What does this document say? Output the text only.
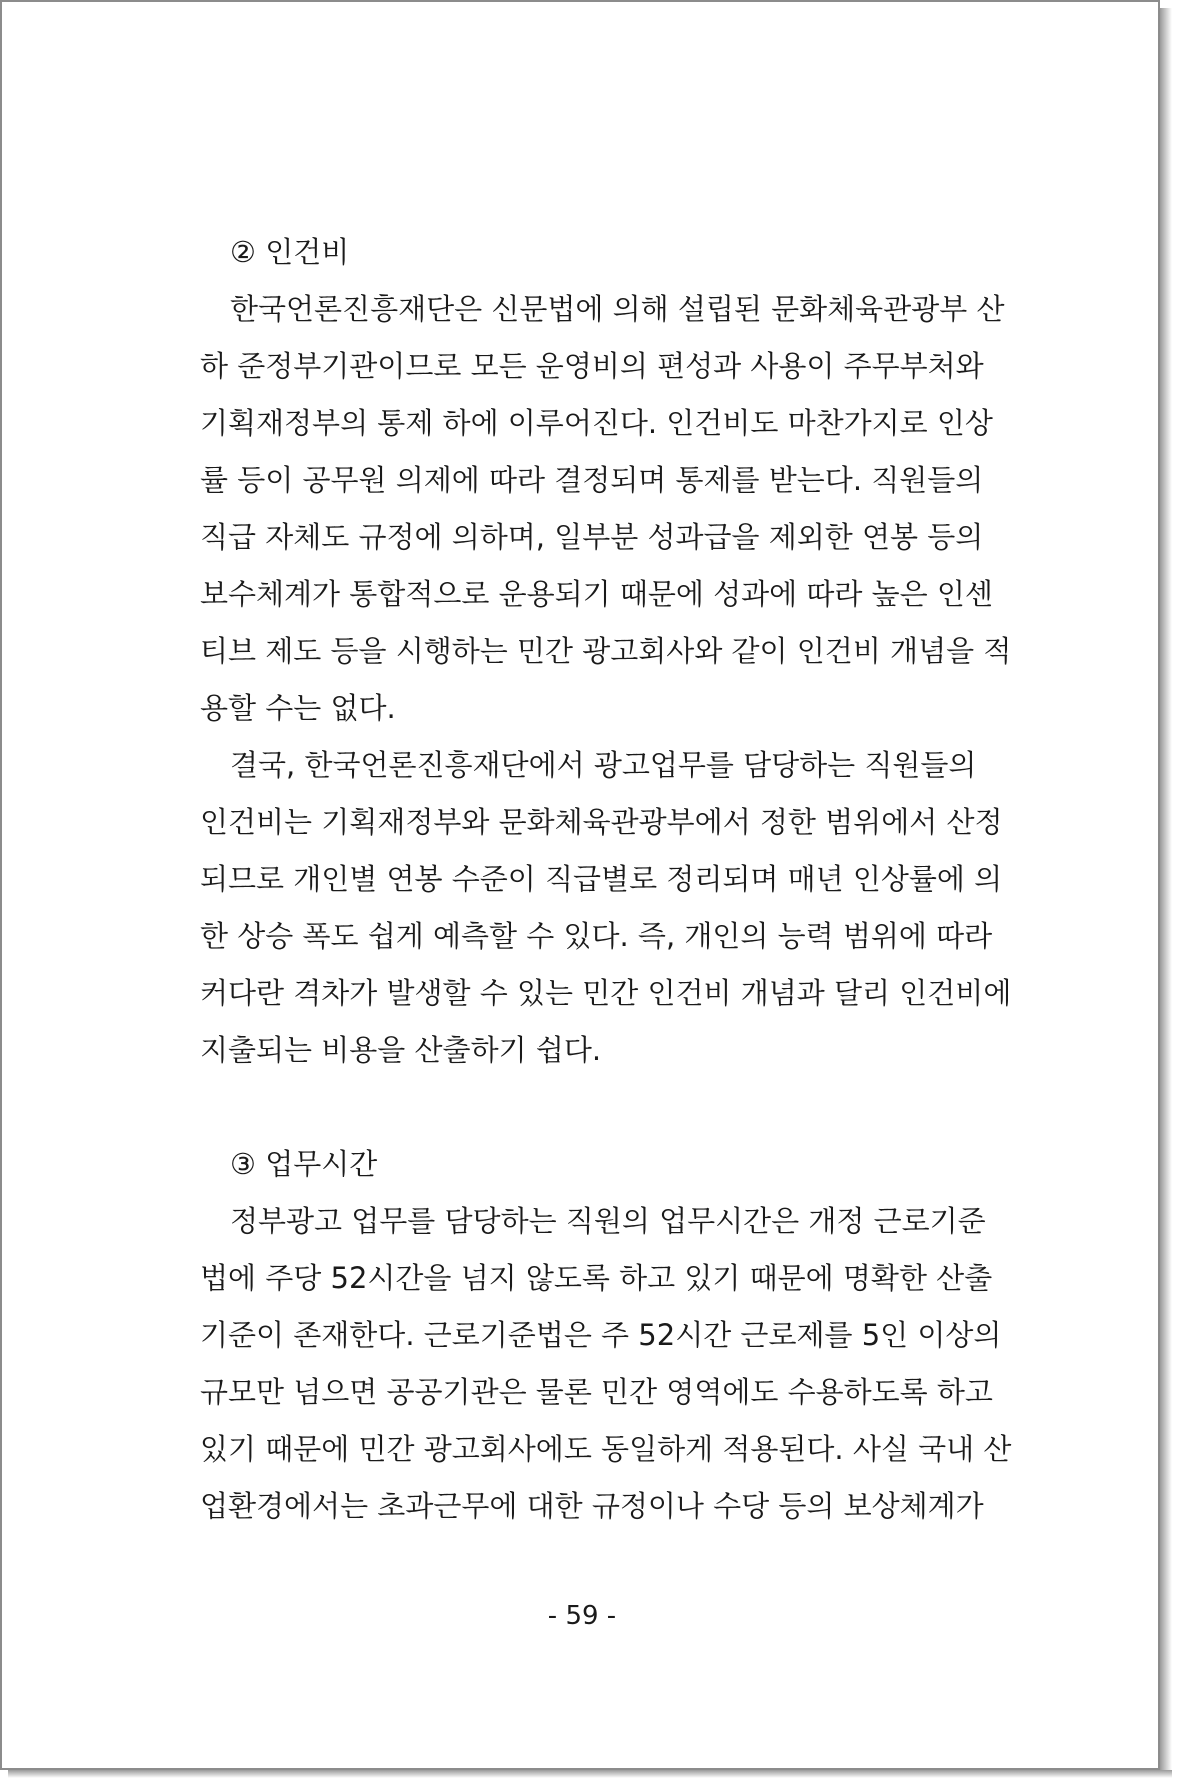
② 인건비

한국언론진흥재단은 신문법에 의해 설립된 문화체육관광부 산
하 준정부기관이므로 모든 운영비의 편성과 사용이 주무부처와
기획재정부의 통제 하에 이루어진다. 인건비도 마찬가지로 인상
률 등이 공무원 의제에 따라 결정되며 통제를 받는다. 직원들의
직급 자체도 규정에 의하며, 일부분 성과급을 제외한 연봉 등의
보수체계가 통합적으로 운용되기 때문에 성과에 따라 높은 인센
티브 제도 등을 시행하는 민간 광고회사와 같이 인건비 개념을 적
용할 수는 없다.
결국, 한국언론진흥재단에서 광고업무를 담당하는 직원들의
인건비는 기획재정부와 문화체육관광부에서 정한 범위에서 산정
되므로 개인별 연봉 수준이 직급별로 정리되며 매년 인상률에 의
한 상승 폭도 쉽게 예측할 수 있다. 즉, 개인의 능력 범위에 따라
커다란 격차가 발생할 수 있는 민간 인건비 개념과 달리 인건비에
지출되는 비용을 산출하기 쉽다.

③ 업무시간

정부광고 업무를 담당하는 직원의 업무시간은 개정 근로기준
법에 주당 52시간을 넘지 않도록 하고 있기 때문에 명확한 산출
기준이 존재한다. 근로기준법은 주 52시간 근로제를 5인 이상의
규모만 넘으면 공공기관은 물론 민간 영역에도 수용하도록 하고
있기 때문에 민간 광고회사에도 동일하게 적용된다. 사실 국내 산
업환경에서는 초과근무에 대한 규정이나 수당 등의 보상체계가
- 59 -
